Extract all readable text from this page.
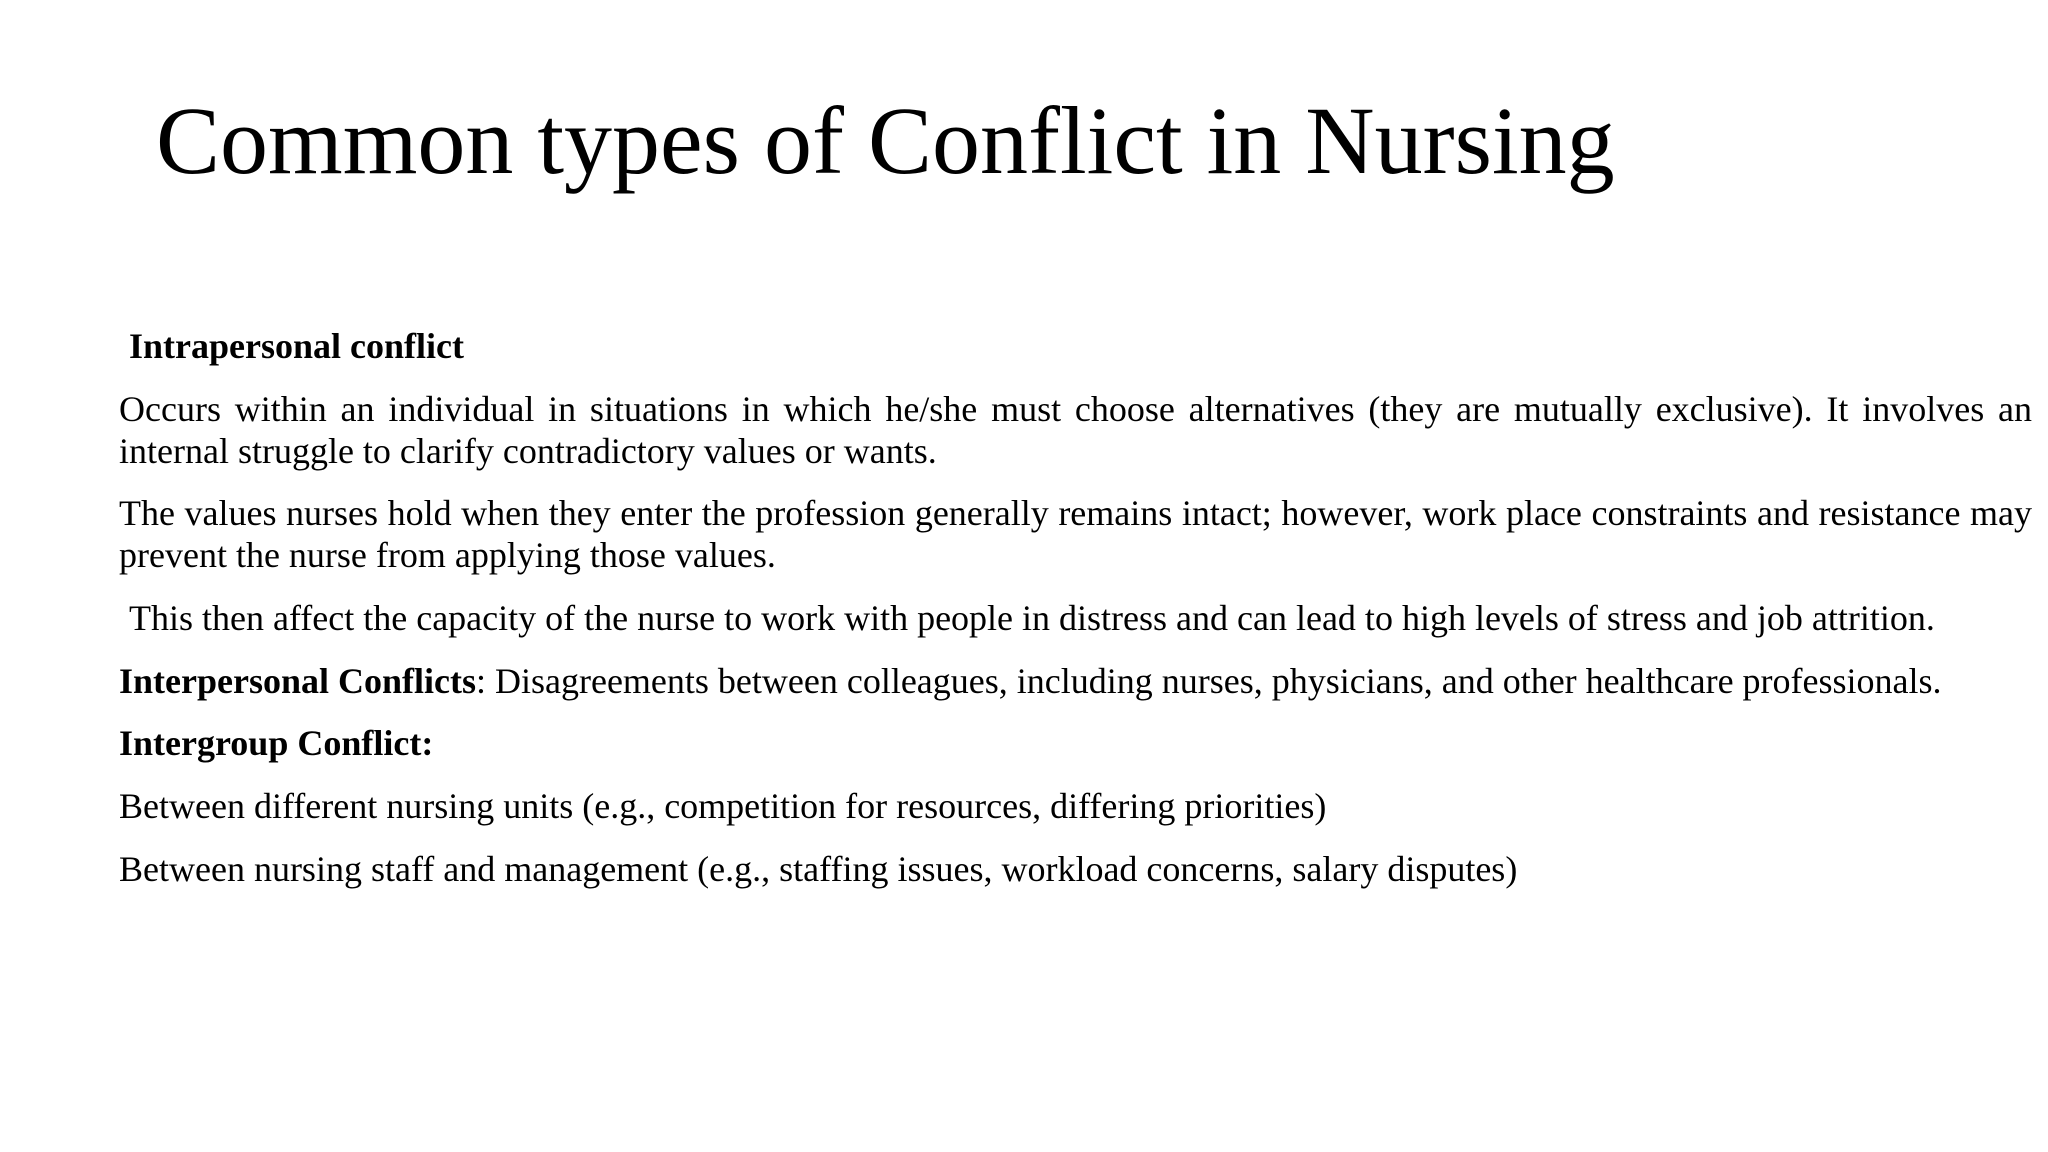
Common types of Conflict in Nursing

Intrapersonal conflict

Occurs within an individual in situations in which he/she must choose alternatives (they are mutually exclusive). It involves an internal struggle to clarify contradictory values or wants.

The values nurses hold when they enter the profession generally remains intact; however, work place constraints and resistance may prevent the nurse from applying those values.

This then affect the capacity of the nurse to work with people in distress and can lead to high levels of stress and job attrition.

Interpersonal Conflicts: Disagreements between colleagues, including nurses, physicians, and other healthcare professionals.

Intergroup Conflict:

Between different nursing units (e.g., competition for resources, differing priorities)

Between nursing staff and management (e.g., staffing issues, workload concerns, salary disputes)
